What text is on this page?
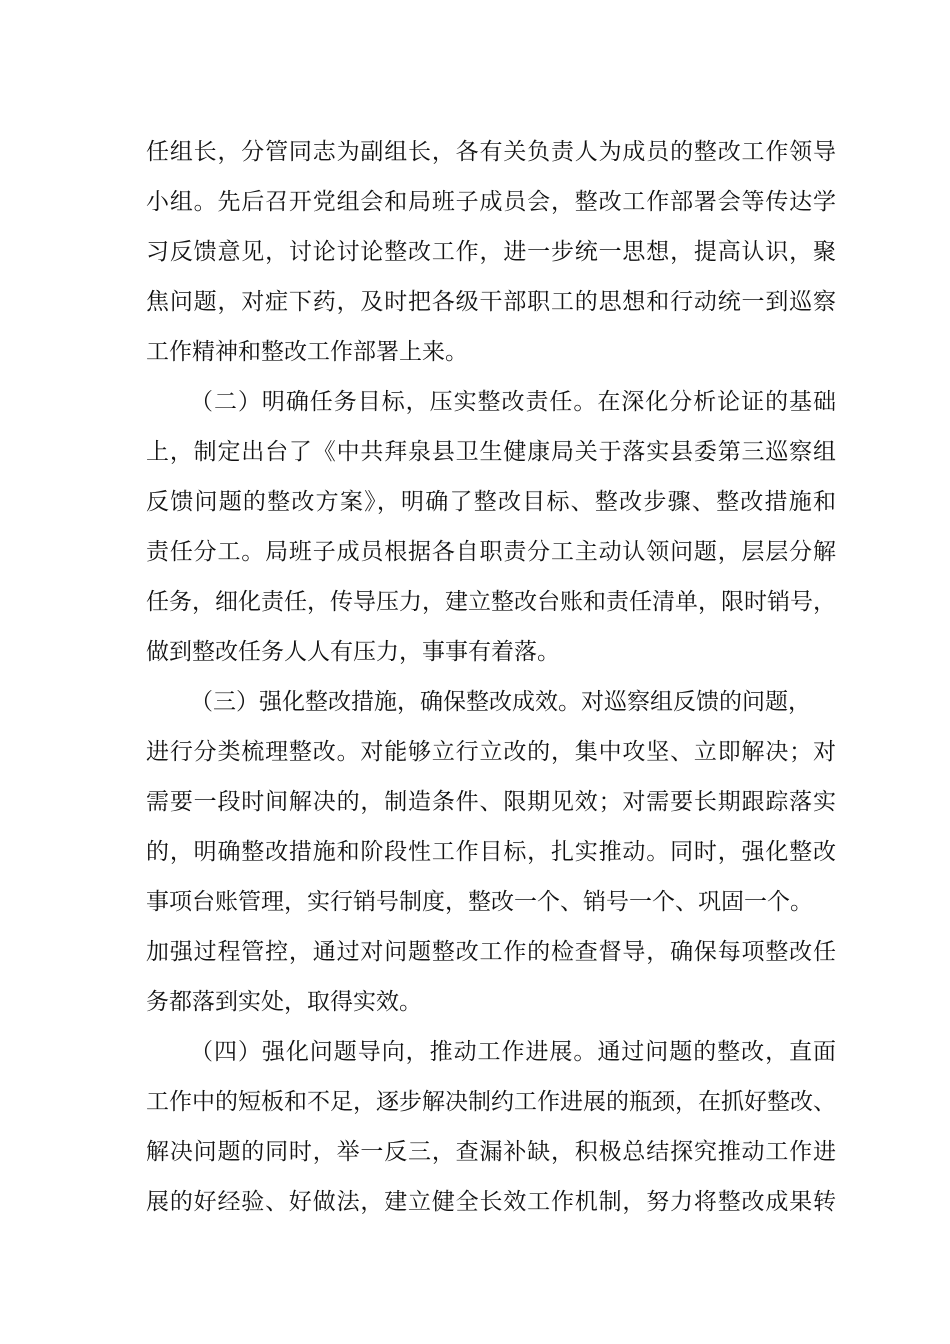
任组长，分管同志为副组长，各有关负责人为成员的整改工作领导
小组。先后召开党组会和局班子成员会，整改工作部署会等传达学
习反馈意见，讨论讨论整改工作，进一步统一思想，提高认识，聚
焦问题，对症下药，及时把各级干部职工的思想和行动统一到巡察
工作精神和整改工作部署上来。
（二）明确任务目标，压实整改责任。在深化分析论证的基础
上，制定出台了《中共拜泉县卫生健康局关于落实县委第三巡察组
反馈问题的整改方案》，明确了整改目标、整改步骤、整改措施和
责任分工。局班子成员根据各自职责分工主动认领问题，层层分解
任务，细化责任，传导压力，建立整改台账和责任清单，限时销号，
做到整改任务人人有压力，事事有着落。
（三）强化整改措施，确保整改成效。对巡察组反馈的问题，
进行分类梳理整改。对能够立行立改的，集中攻坚、立即解决；对
需要一段时间解决的，制造条件、限期见效；对需要长期跟踪落实
的，明确整改措施和阶段性工作目标，扎实推动。同时，强化整改
事项台账管理，实行销号制度，整改一个、销号一个、巩固一个。
加强过程管控，通过对问题整改工作的检查督导，确保每项整改任
务都落到实处，取得实效。
（四）强化问题导向，推动工作进展。通过问题的整改，直面
工作中的短板和不足，逐步解决制约工作进展的瓶颈，在抓好整改、
解决问题的同时，举一反三，查漏补缺，积极总结探究推动工作进
展的好经验、好做法，建立健全长效工作机制，努力将整改成果转
